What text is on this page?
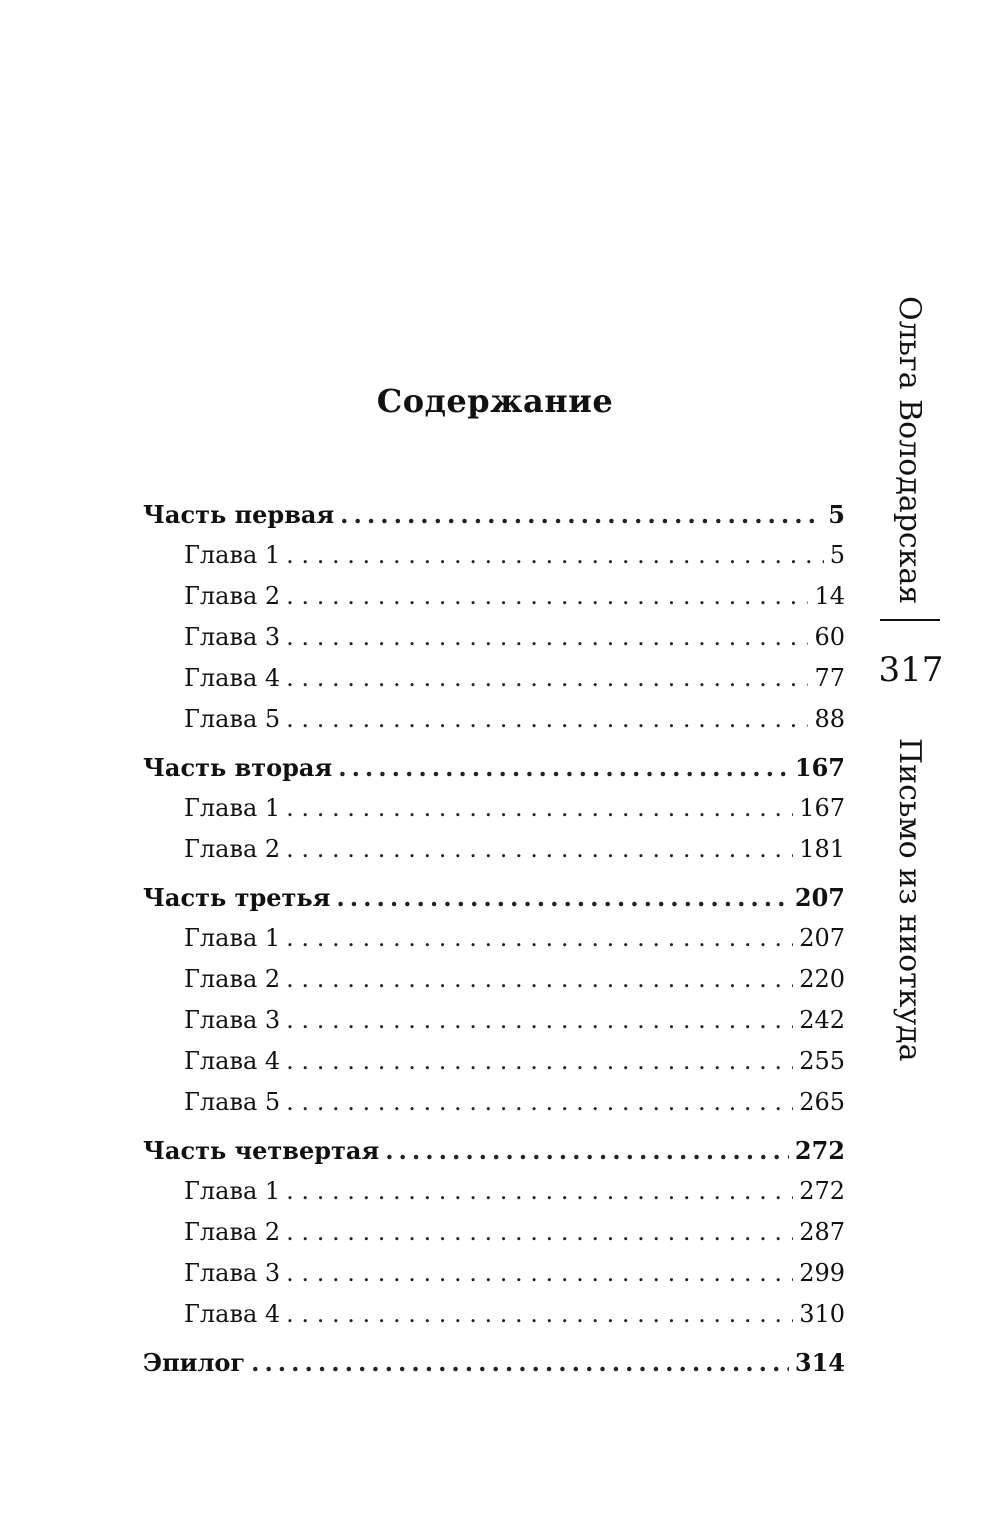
Содержание
Часть первая .....	5
Глава 1 . . .	5
Глава 2 . . .	14
Глава 3 . . .	60
Глава 4 . . .	77
Глава 5 . . .	88
Часть вторая .....	167
Глава 1 . . .	167
Глава 2 . . .	181
Часть третья .....	207
Глава 1 . . .	207
Глава 2 . . .	220
Глава 3 . . .	242
Глава 4 . . .	255
Глава 5 . . .	265
Часть четвертая .....	272
Глава 1 . . .	272
Глава 2 . . .	287
Глава 3 . . .	299
Глава 4 . . .	310
Эпилог .....	314
Ольга Володарская
317
Письмо из ниоткуда
